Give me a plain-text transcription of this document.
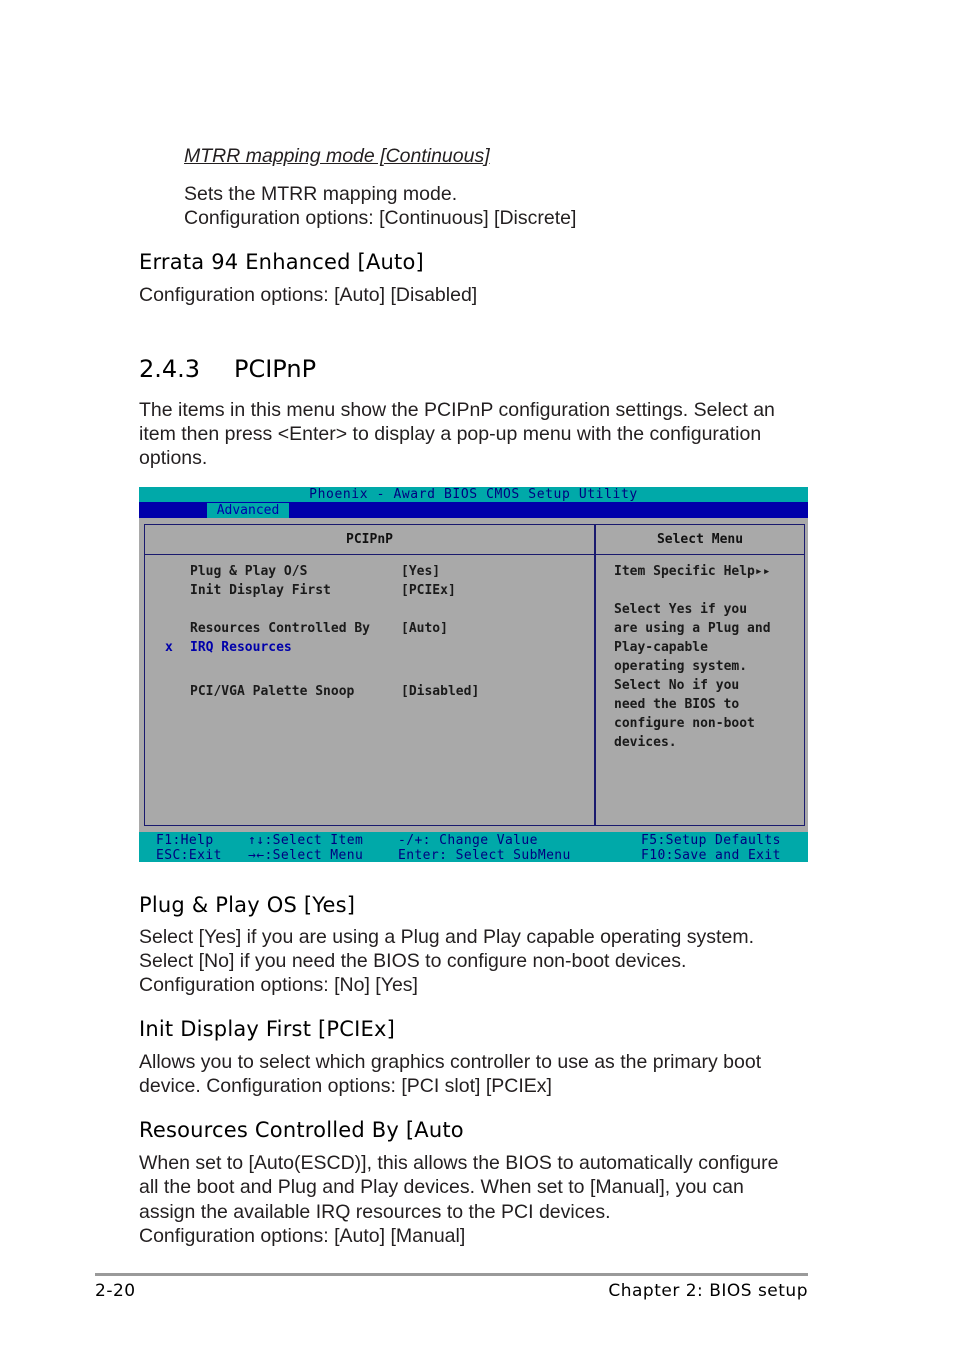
MTRR mapping mode [Continuous]
Sets the MTRR mapping mode.
Configuration options: [Continuous] [Discrete]
Errata 94 Enhanced [Auto]
Configuration options: [Auto] [Disabled]
2.4.3 PCIPnP
The items in this menu show the PCIPnP configuration settings. Select an
item then press <Enter> to display a pop-up menu with the configuration
options.
Phoenix - Award BIOS CMOS Setup Utility
Advanced
PCIPnP	Select Menu
Plug & Play O/S	[Yes]
Init Display First	[PCIEx]
Resources Controlled By [Auto]
x IRQ Resources
PCI/VGA Palette Snoop	[Disabled]
Item Specific Help▸▸
Select Yes if you
are using a Plug and
Play-capable
operating system.
Select No if you
need the BIOS to
configure non-boot
devices.
F1:Help	↑↓:Select Item	-/+: Change Value	F5:Setup Defaults
ESC:Exit →←:Select Menu	Enter: Select SubMenu	F10:Save and Exit
Plug & Play OS [Yes]
Select [Yes] if you are using a Plug and Play capable operating system.
Select [No] if you need the BIOS to configure non-boot devices.
Configuration options: [No] [Yes]
Init Display First [PCIEx]
Allows you to select which graphics controller to use as the primary boot
device. Configuration options: [PCI slot] [PCIEx]
Resources Controlled By [Auto
When set to [Auto(ESCD)], this allows the BIOS to automatically configure
all the boot and Plug and Play devices. When set to [Manual], you can
assign the available IRQ resources to the PCI devices.
Configuration options: [Auto] [Manual]
2-20	Chapter 2: BIOS setup
